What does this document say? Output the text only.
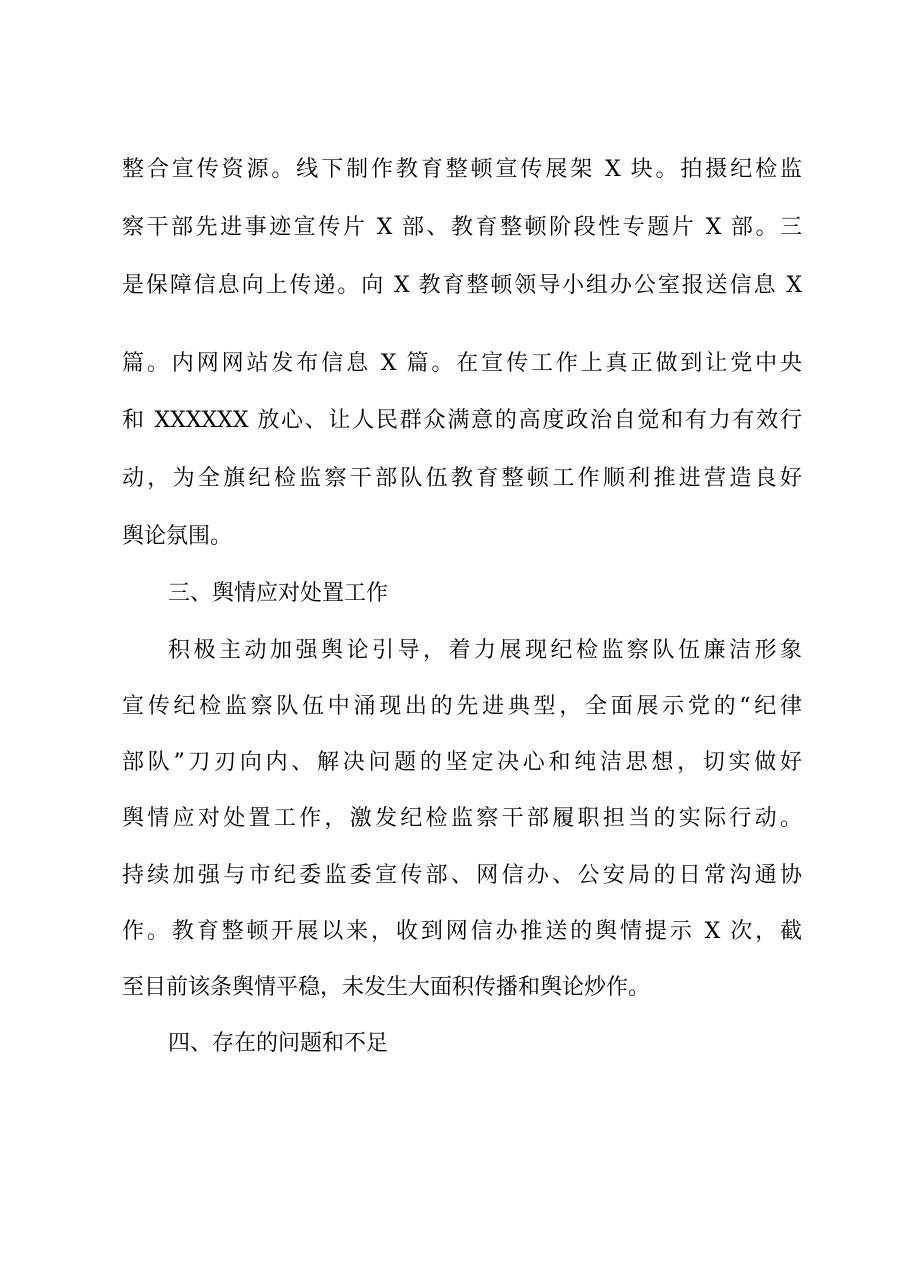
整合宣传资源。线下制作教育整顿宣传展架 X 块。拍摄纪检监
察干部先进事迹宣传片 X 部、教育整顿阶段性专题片 X 部。三
是保障信息向上传递。向 X 教育整顿领导小组办公室报送信息 X
篇。内网网站发布信息 X 篇。在宣传工作上真正做到让党中央
和 XXXXXX 放心、让人民群众满意的高度政治自觉和有力有效行
动，为全旗纪检监察干部队伍教育整顿工作顺利推进营造良好
舆论氛围。
三、舆情应对处置工作
积极主动加强舆论引导，着力展现纪检监察队伍廉洁形象
宣传纪检监察队伍中涌现出的先进典型，全面展示党的“纪律
部队”刀刃向内、解决问题的坚定决心和纯洁思想，切实做好
舆情应对处置工作，激发纪检监察干部履职担当的实际行动。
持续加强与市纪委监委宣传部、网信办、公安局的日常沟通协
作。教育整顿开展以来，收到网信办推送的舆情提示 X 次，截
至目前该条舆情平稳，未发生大面积传播和舆论炒作。
四、存在的问题和不足
